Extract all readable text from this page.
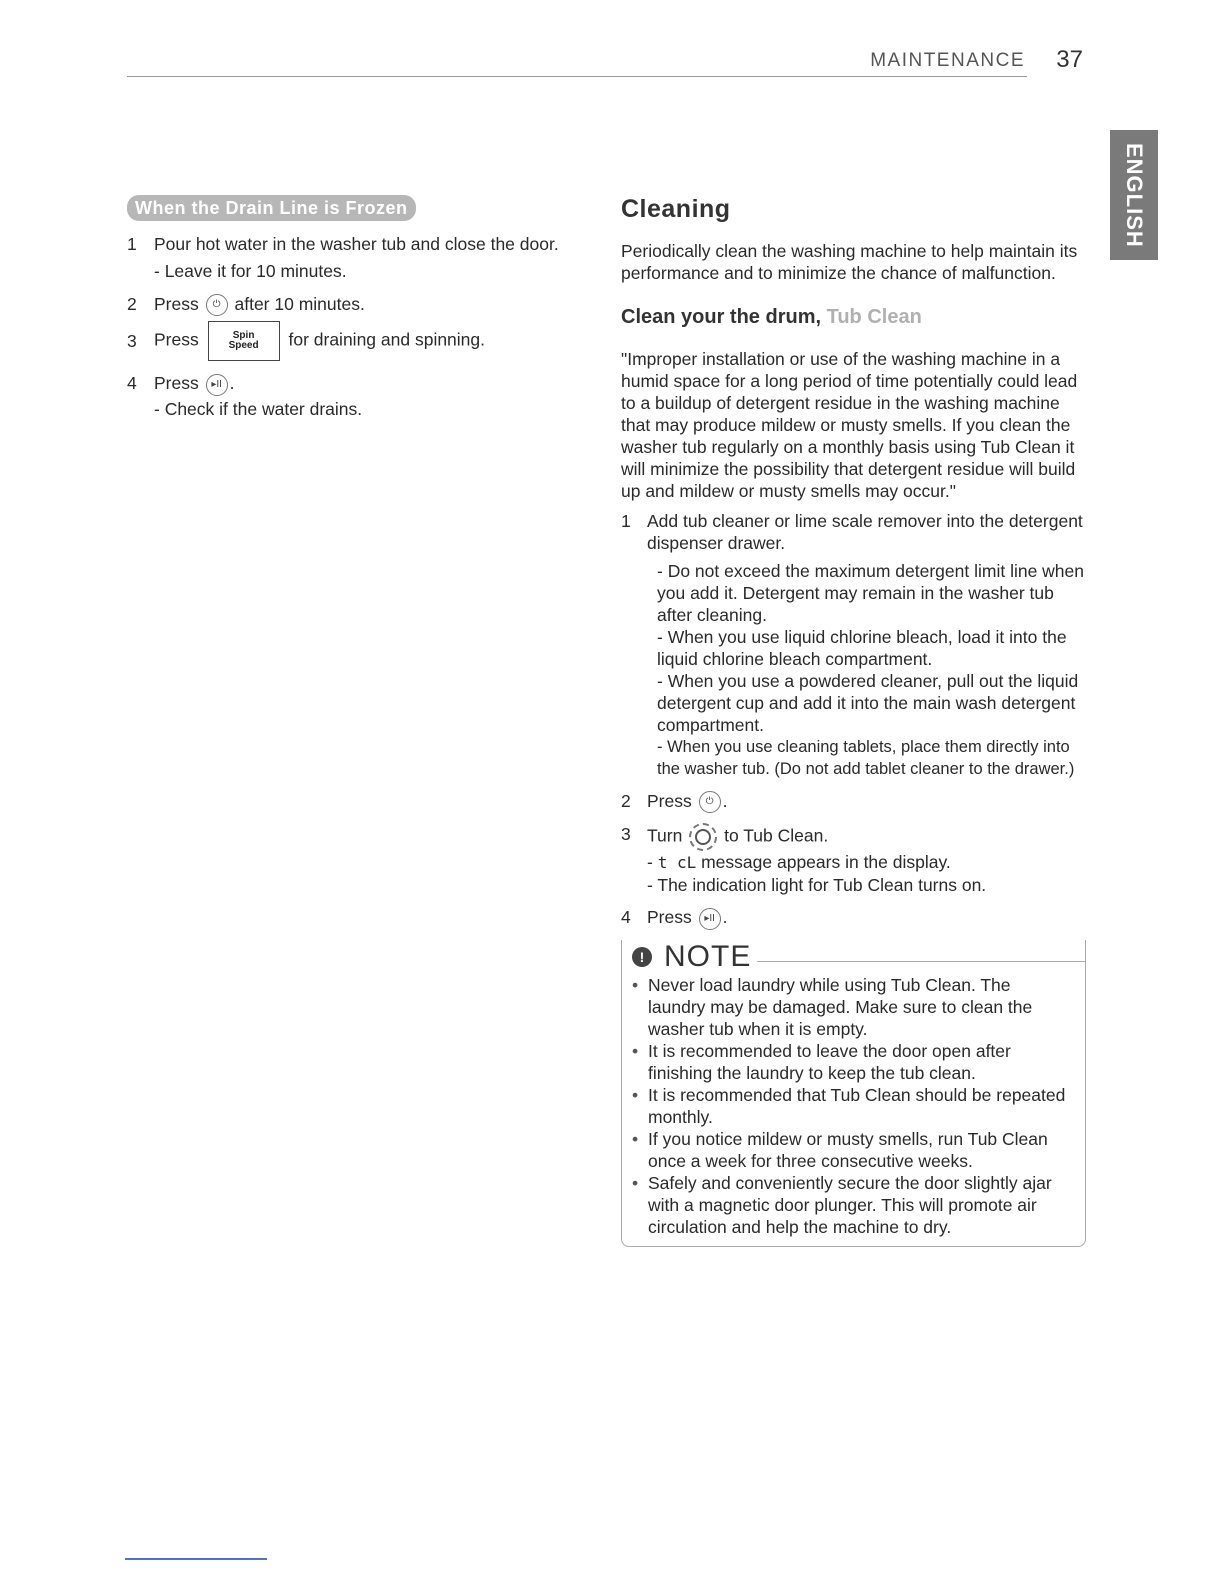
MAINTENANCE 37
ENGLISH
When the Drain Line is Frozen
1 Pour hot water in the washer tub and close the door.
- Leave it for 10 minutes.
2 Press ⏻ after 10 minutes.
3 Press	Spin
Speed for draining and spinning.
4 Press ▸II .
- Check if the water drains.
Cleaning

Periodically clean the washing machine to help maintain its performance and to minimize the chance of malfunction.

Clean your the drum, Tub Clean

"Improper installation or use of the washing machine in a humid space for a long period of time potentially could lead to a buildup of detergent residue in the washing machine that may produce mildew or musty smells. If you clean the washer tub regularly on a monthly basis using Tub Clean it will minimize the possibility that detergent residue will build up and mildew or musty smells may occur."

1 Add tub cleaner or lime scale remover into the detergent dispenser drawer.
- Do not exceed the maximum detergent limit line when you add it. Detergent may remain in the washer tub after cleaning.
- When you use liquid chlorine bleach, load it into the liquid chlorine bleach compartment.
- When you use a powdered cleaner, pull out the liquid detergent cup and add it into the main wash detergent compartment.
- When you use cleaning tablets, place them directly into the washer tub. (Do not add tablet cleaner to the drawer.)
2 Press ⏻ .
3 Turn to Tub Clean.
- t cL message appears in the display.
- The indication light for Tub Clean turns on.
4 Press ▸II .
! NOTE
• Never load laundry while using Tub Clean. The laundry may be damaged. Make sure to clean the washer tub when it is empty.
• It is recommended to leave the door open after finishing the laundry to keep the tub clean.
• It is recommended that Tub Clean should be repeated monthly.
• If you notice mildew or musty smells, run Tub Clean once a week for three consecutive weeks.
• Safely and conveniently secure the door slightly ajar with a magnetic door plunger. This will promote air circulation and help the machine to dry.
